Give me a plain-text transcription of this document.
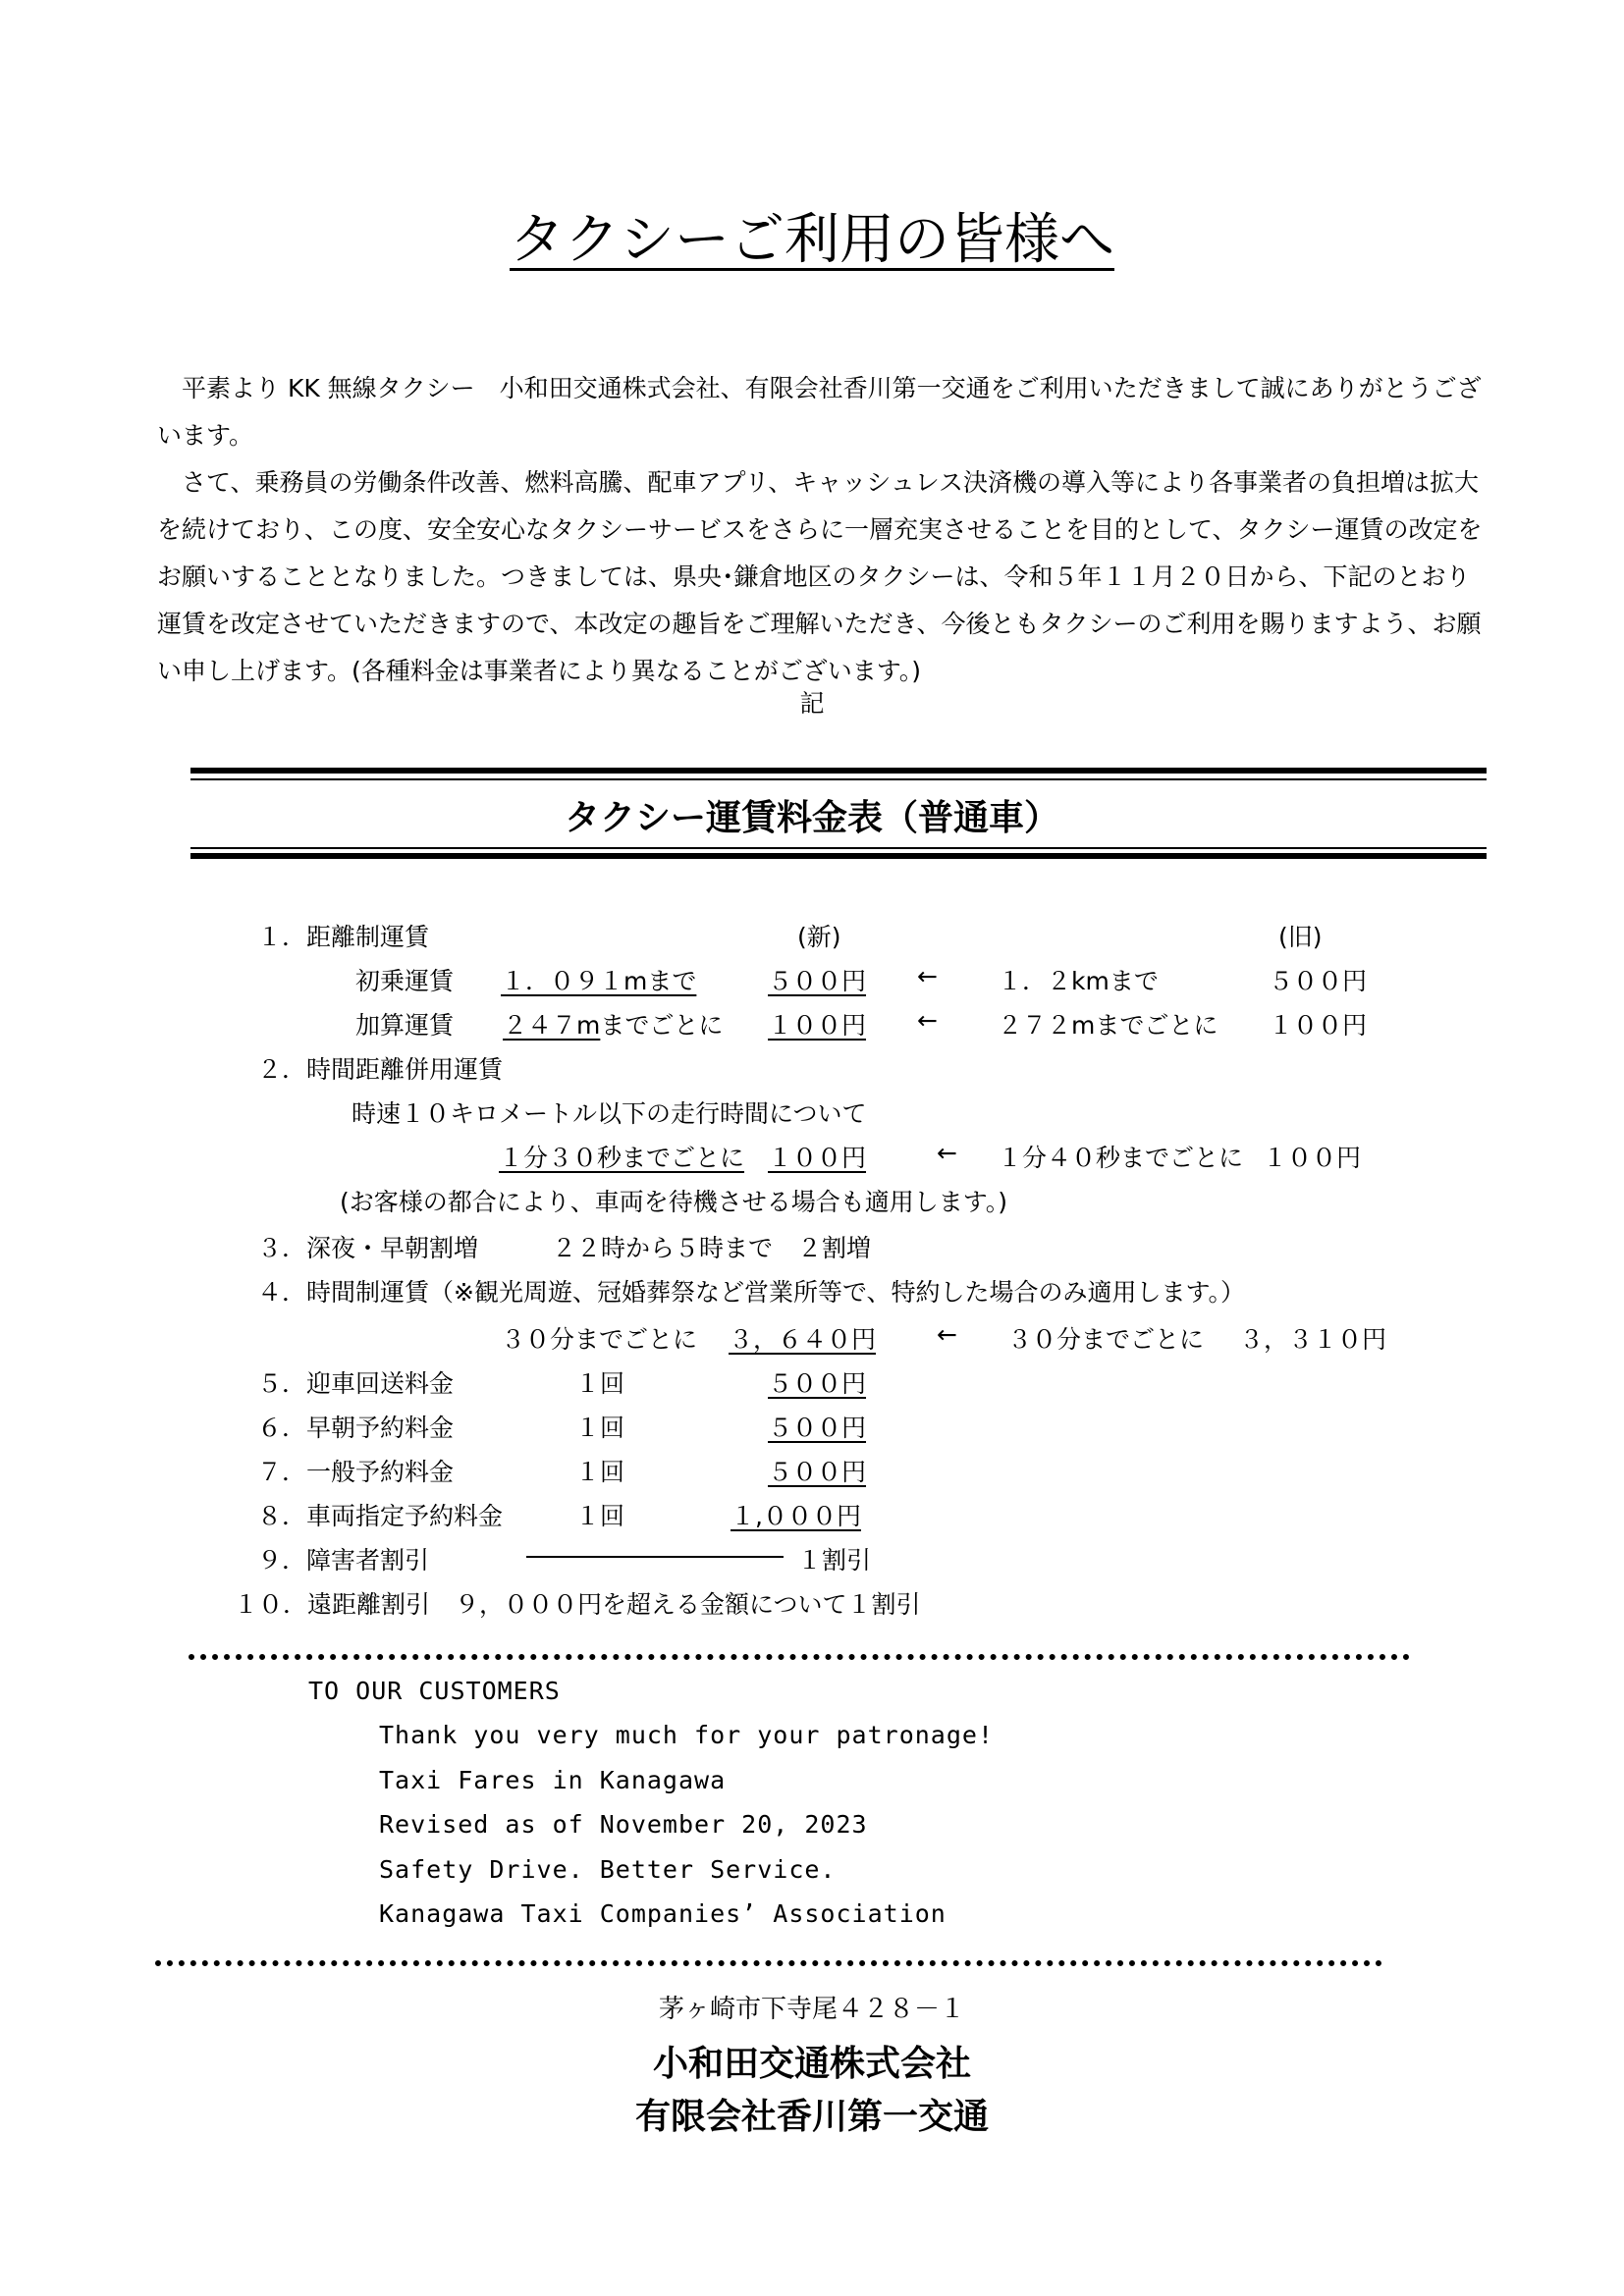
タクシーご利用の皆様へ

平素より KK 無線タクシー　小和田交通株式会社、有限会社香川第一交通をご利用いただきまして誠にありがとうございます。

さて、乗務員の労働条件改善、燃料高騰、配車アプリ、キャッシュレス決済機の導入等により各事業者の負担増は拡大を続けており、この度、安全安心なタクシーサービスをさらに一層充実させることを目的として、タクシー運賃の改定をお願いすることとなりました。つきましては、県央･鎌倉地区のタクシーは、令和５年１１月２０日から、下記のとおり運賃を改定させていただきますので、本改定の趣旨をご理解いただき、今後ともタクシーのご利用を賜りますよう、お願い申し上げます。(各種料金は事業者により異なることがございます。)

記
タクシー運賃料金表（普通車）
１．距離制運賃	(新)	(旧)
初乗運賃 １．０９１mまで	５００円 ← １．２kmまで	５００円
加算運賃 ２４７mまでごとに １００円 ← ２７２mまでごとに １００円
２．時間距離併用運賃
時速１０キロメートル以下の走行時間について
１分３０秒までごとに １００円	← １分４０秒までごとに １００円
(お客様の都合により、車両を待機させる場合も適用します。)
３．深夜・早朝割増	２２時から５時まで　２割増
４．時間制運賃（※観光周遊、冠婚葬祭など営業所等で、特約した場合のみ適用します。）
３０分までごとに ３，６４０円 ← ３０分までごとに ３，３１０円
５．迎車回送料金	１回	５００円
６．早朝予約料金	１回	５００円
７．一般予約料金	１回	５００円
８．車両指定予約料金	１回	１,０００円
９．障害者割引	１割引
１０．遠距離割引　９，０００円を超える金額について１割引
TO OUR CUSTOMERS
Thank you very much for your patronage!
Taxi Fares in Kanagawa
Revised as of November 20, 2023
Safety Drive. Better Service.
Kanagawa Taxi Companies’ Association
茅ヶ崎市下寺尾４２８－１
小和田交通株式会社
有限会社香川第一交通
